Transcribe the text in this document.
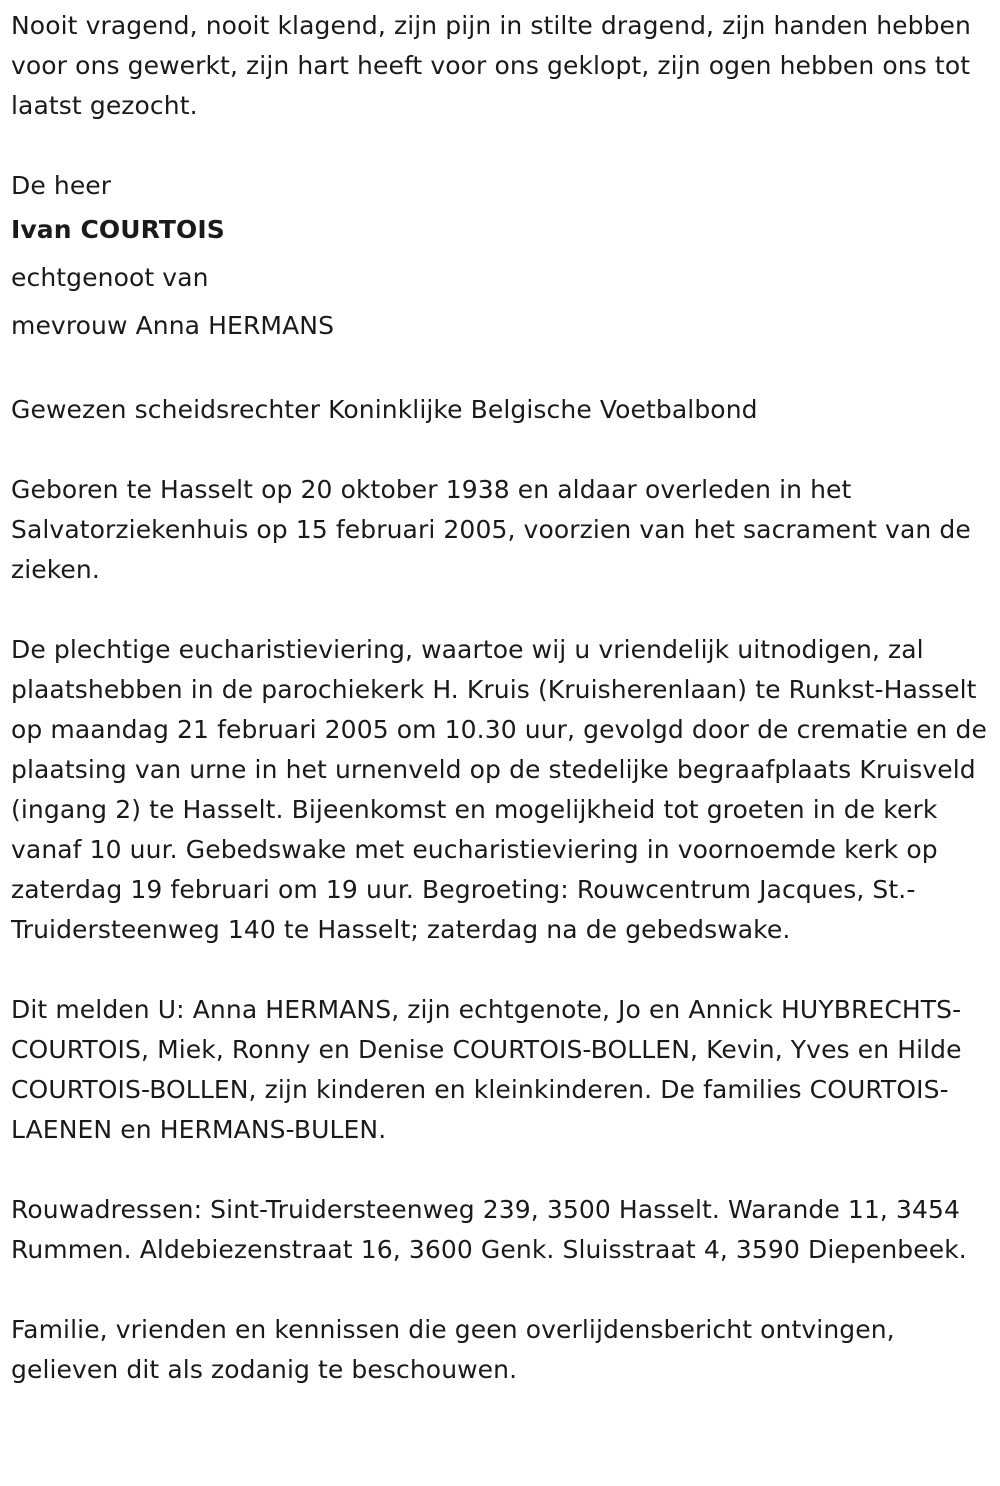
Nooit vragend, nooit klagend, zijn pijn in stilte dragend, zijn handen hebben voor ons gewerkt, zijn hart heeft voor ons geklopt, zijn ogen hebben ons tot laatst gezocht.

De heer

Ivan COURTOIS

echtgenoot van

mevrouw Anna HERMANS

Gewezen scheidsrechter Koninklijke Belgische Voetbalbond

Geboren te Hasselt op 20 oktober 1938 en aldaar overleden in het Salvatorziekenhuis op 15 februari 2005, voorzien van het sacrament van de zieken.

De plechtige eucharistieviering, waartoe wij u vriendelijk uitnodigen, zal plaatshebben in de parochiekerk H. Kruis (Kruisherenlaan) te Runkst-Hasselt op maandag 21 februari 2005 om 10.30 uur, gevolgd door de crematie en de plaatsing van urne in het urnenveld op de stedelijke begraafplaats Kruisveld (ingang 2) te Hasselt. Bijeenkomst en mogelijkheid tot groeten in de kerk vanaf 10 uur. Gebedswake met eucharistieviering in voornoemde kerk op zaterdag 19 februari om 19 uur. Begroeting: Rouwcentrum Jacques, St.-Truidersteenweg 140 te Hasselt; zaterdag na de gebedswake.

Dit melden U: Anna HERMANS, zijn echtgenote, Jo en Annick HUYBRECHTS-COURTOIS, Miek, Ronny en Denise COURTOIS-BOLLEN, Kevin, Yves en Hilde COURTOIS-BOLLEN, zijn kinderen en kleinkinderen. De families COURTOIS-LAENEN en HERMANS-BULEN.

Rouwadressen: Sint-Truidersteenweg 239, 3500 Hasselt. Warande 11, 3454 Rummen. Aldebiezenstraat 16, 3600 Genk. Sluisstraat 4, 3590 Diepenbeek.

Familie, vrienden en kennissen die geen overlijdensbericht ontvingen, gelieven dit als zodanig te beschouwen.
